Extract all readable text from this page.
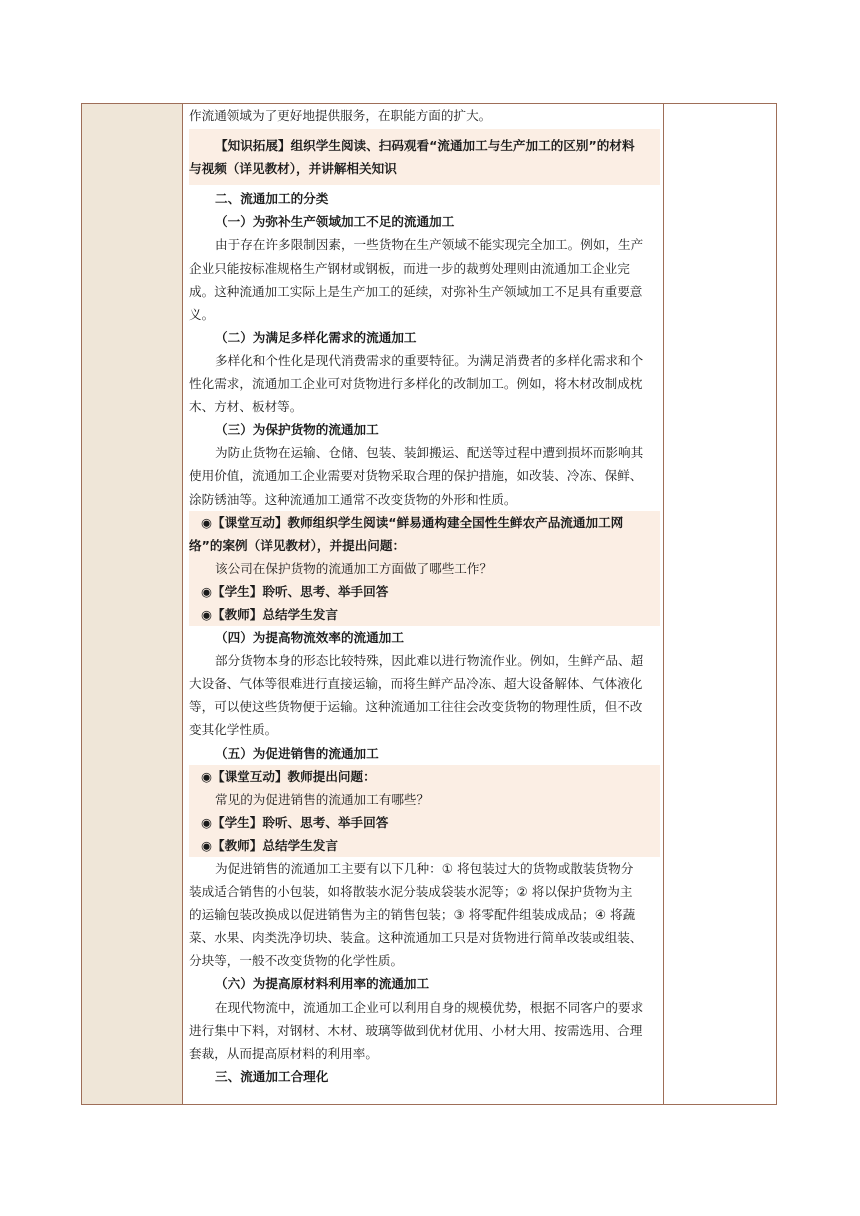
作流通领域为了更好地提供服务，在职能方面的扩大。
【知识拓展】组织学生阅读、扫码观看“流通加工与生产加工的区别”的材料
与视频（详见教材），并讲解相关知识
二、流通加工的分类
（一）为弥补生产领域加工不足的流通加工
由于存在许多限制因素，一些货物在生产领域不能实现完全加工。例如，生产
企业只能按标准规格生产钢材或钢板，而进一步的裁剪处理则由流通加工企业完
成。这种流通加工实际上是生产加工的延续，对弥补生产领域加工不足具有重要意
义。
（二）为满足多样化需求的流通加工
多样化和个性化是现代消费需求的重要特征。为满足消费者的多样化需求和个
性化需求，流通加工企业可对货物进行多样化的改制加工。例如，将木材改制成枕
木、方材、板材等。
（三）为保护货物的流通加工
为防止货物在运输、仓储、包装、装卸搬运、配送等过程中遭到损坏而影响其
使用价值，流通加工企业需要对货物采取合理的保护措施，如改装、冷冻、保鲜、
涂防锈油等。这种流通加工通常不改变货物的外形和性质。
◉【课堂互动】教师组织学生阅读“鲜易通构建全国性生鲜农产品流通加工网
络”的案例（详见教材），并提出问题：
该公司在保护货物的流通加工方面做了哪些工作？
◉【学生】聆听、思考、举手回答
◉【教师】总结学生发言
（四）为提高物流效率的流通加工
部分货物本身的形态比较特殊，因此难以进行物流作业。例如，生鲜产品、超
大设备、气体等很难进行直接运输，而将生鲜产品冷冻、超大设备解体、气体液化
等，可以使这些货物便于运输。这种流通加工往往会改变货物的物理性质，但不改
变其化学性质。
（五）为促进销售的流通加工
◉【课堂互动】教师提出问题：
常见的为促进销售的流通加工有哪些？
◉【学生】聆听、思考、举手回答
◉【教师】总结学生发言
为促进销售的流通加工主要有以下几种：① 将包装过大的货物或散装货物分
装成适合销售的小包装，如将散装水泥分装成袋装水泥等；② 将以保护货物为主
的运输包装改换成以促进销售为主的销售包装；③ 将零配件组装成成品；④ 将蔬
菜、水果、肉类洗净切块、装盒。这种流通加工只是对货物进行简单改装或组装、
分块等，一般不改变货物的化学性质。
（六）为提高原材料利用率的流通加工
在现代物流中，流通加工企业可以利用自身的规模优势，根据不同客户的要求
进行集中下料，对钢材、木材、玻璃等做到优材优用、小材大用、按需选用、合理
套裁，从而提高原材料的利用率。
三、流通加工合理化
